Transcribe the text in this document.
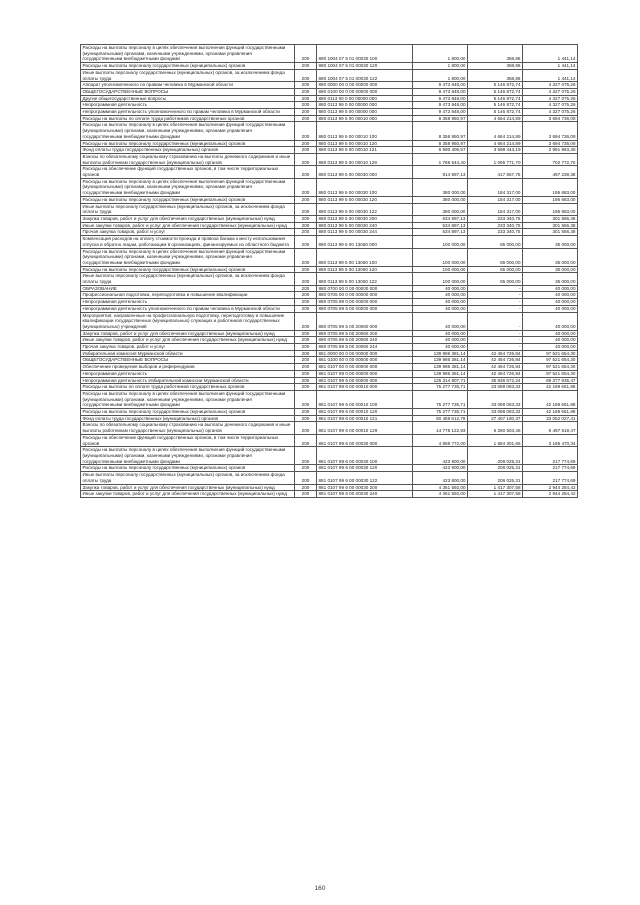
Расходы на выплаты персоналу в целях обеспечения выполнения функций государственными (муниципальными) органами, казенными учреждениями, органами управления государственными внебюджетными фондами	200	880 1004 07 5 01 00030 100	1 800,00	358,86	1 441,14
Расходы на выплаты персоналу государственных (муниципальных) органов	200	880 1004 07 5 01 00030 120	1 800,00	358,86	1 441,14
Иные выплаты персоналу государственных (муниципальных) органов, за исключением фонда оплаты труда	200	880 1004 07 5 01 00030 122	1 800,00	358,86	1 441,14
Аппарат уполномоченного по правам человека в Мурманской области	200	880 0000 00 0 00 00000 000	9 473 848,00	5 146 872,74	4 327 075,26
ОБЩЕГОСУДАРСТВЕННЫЕ ВОПРОСЫ	200	880 0100 00 0 00 00000 000	9 473 848,00	5 146 872,74	4 327 075,26
Другие общегосударственные вопросы	200	880 0113 00 0 00 00000 000	9 473 848,00	5 146 872,74	4 327 075,26
Непрограммная деятельность	200	880 0113 99 0 00 00000 000	9 473 848,00	5 146 872,74	4 327 075,26
Непрограммная деятельность уполномоченного по правам человека в Мурманской области	200	880 0113 99 5 00 00000 000	9 473 848,00	5 146 872,74	4 327 075,26
Расходы на выплаты по оплате труда работников государственных органов	200	880 0113 99 5 00 00010 000	8 358 950,97	4 664 214,89	3 694 736,08
Расходы на выплаты персоналу в целях обеспечения выполнения функций государственными (муниципальными) органами, казенными учреждениями, органами управления государственными внебюджетными фондами	200	880 0113 99 5 00 00010 100	8 358 950,97	4 664 214,89	3 694 736,08
Расходы на выплаты персоналу государственных (муниципальных) органов	200	880 0113 99 5 00 00010 120	8 358 950,97	4 664 214,89	3 694 736,08
Фонд оплаты труда государственных (муниципальных) органов	200	880 0113 99 5 00 00010 121	6 590 406,57	3 598 443,19	2 991 963,38
Взносы по обязательному социальному страхованию на выплаты денежного содержания и иные выплаты работникам государственных (муниципальных) органов	200	880 0113 99 5 00 00010 129	1 768 544,40	1 065 771,70	702 772,70
Расходы на обеспечение функций государственных органов, в том числе территориальных органов	200	880 0113 99 5 00 00030 000	914 897,13	417 657,75	497 239,38
Расходы на выплаты персоналу в целях обеспечения выполнения функций государственными (муниципальными) органами, казенными учреждениями, органами управления государственными внебюджетными фондами	200	880 0113 99 5 00 00030 100	380 000,00	184 317,00	195 683,00
Расходы на выплаты персоналу государственных (муниципальных) органов	200	880 0113 99 5 00 00030 120	380 000,00	184 317,00	195 683,00
Иные выплаты персоналу государственных (муниципальных) органов, за исключением фонда оплаты труда	200	880 0113 99 5 00 00030 122	380 000,00	184 317,00	195 683,00
Закупка товаров, работ и услуг для обеспечения государственных (муниципальных) нужд	200	880 0113 99 5 00 00030 200	534 897,13	233 340,75	301 556,38
Иные закупки товаров, работ и услуг для обеспечения государственных (муниципальных) нужд	200	880 0113 99 5 00 00030 240	534 897,13	233 340,75	301 556,38
Прочая закупка товаров, работ и услуг	200	880 0113 99 5 00 00030 244	534 897,13	233 340,75	301 556,38
Компенсация расходов на оплату стоимости проезда и провоза багажа к месту использования отпуска и обратно лицам, работающим в организациях, финансируемых из областного бюджета	200	880 0113 99 5 00 13060 000	100 000,00	65 000,00	35 000,00
Расходы на выплаты персоналу в целях обеспечения выполнения функций государственными (муниципальными) органами, казенными учреждениями, органами управления государственными внебюджетными фондами	200	880 0113 99 5 00 13060 100	100 000,00	65 000,00	35 000,00
Расходы на выплаты персоналу государственных (муниципальных) органов	200	880 0113 99 5 00 13060 120	100 000,00	65 000,00	35 000,00
Иные выплаты персоналу государственных (муниципальных) органов, за исключением фонда оплаты труда	200	880 0113 99 5 00 13060 122	100 000,00	65 000,00	35 000,00
ОБРАЗОВАНИЕ	200	880 0700 00 0 00 00000 000	40 000,00	-	40 000,00
Профессиональная подготовка, переподготовка и повышение квалификации	200	880 0705 00 0 00 00000 000	40 000,00	-	40 000,00
Непрограммная деятельность	200	880 0705 99 0 00 00000 000	40 000,00	-	40 000,00
Непрограммная деятельность уполномоченного по правам человека в Мурманской области	200	880 0705 99 5 00 00000 000	40 000,00	-	40 000,00
Мероприятия, направленные на профессиональную подготовку, переподготовку и повышение квалификации государственных (муниципальных) служащих и работников государственных (муниципальных) учреждений	200	880 0705 99 5 00 20060 000	40 000,00	-	40 000,00
Закупка товаров, работ и услуг для обеспечения государственных (муниципальных) нужд	200	880 0705 99 5 00 20060 200	40 000,00	-	40 000,00
Иные закупки товаров, работ и услуг для обеспечения государственных (муниципальных) нужд	200	880 0705 99 5 00 20060 240	40 000,00	-	40 000,00
Прочая закупка товаров, работ и услуг	200	880 0705 99 5 00 20060 244	40 000,00	-	40 000,00
Избирательная комиссия Мурманской области	200	881 0000 00 0 00 00000 000	139 986 381,14	42 464 726,84	97 521 654,30
ОБЩЕГОСУДАРСТВЕННЫЕ ВОПРОСЫ	200	881 0100 00 0 00 00000 000	139 986 381,14	42 464 726,84	97 521 654,30
Обеспечение проведения выборов и референдумов	200	881 0107 00 0 00 00000 000	139 986 381,14	42 464 726,84	97 521 654,30
Непрограммная деятельность	200	881 0107 99 0 00 00000 000	139 986 381,14	42 464 726,84	97 521 654,30
Непрограммная деятельность Избирательной комиссии Мурманской области	200	881 0107 99 6 00 00000 000	125 314 807,71	35 936 872,24	89 377 935,47
Расходы на выплаты по оплате труда работников государственных органов	200	881 0107 99 6 00 00010 000	75 277 735,71	33 088 083,33	42 189 651,88
Расходы на выплаты персоналу в целях обеспечения выполнения функций государственными (муниципальными) органами, казенными учреждениями, органами управления государственными внебюджетными фондами	200	881 0107 99 6 00 00010 100	75 277 735,71	33 088 083,33	42 189 651,88
Расходы на выплаты персоналу государственных (муниципальных) органов	200	881 0107 99 6 00 00010 120	75 277 735,71	33 088 083,33	42 189 651,88
Фонд оплаты труда государственных (муниципальных) органов	200	881 0107 99 6 00 00010 121	60 459 612,78	27 407 180,37	33 052 027,41
Взносы по обязательному социальному страхованию на выплаты денежного содержания и иные выплаты работникам государственных (муниципальных) органов	200	881 0107 99 6 00 00010 129	14 778 122,93	6 280 503,46	8 497 619,47
Расходы на обеспечение функций государственных органов, в том числе территориальных органов	200	881 0107 99 6 00 00030 000	4 869 772,00	1 684 301,66	3 185 470,34
Расходы на выплаты персоналу в целях обеспечения выполнения функций государственными (муниципальными) органами, казенными учреждениями, органами управления государственными внебюджетными фондами	200	881 0107 99 6 00 00030 100	423 800,00	206 025,31	217 774,69
Расходы на выплаты персоналу государственных (муниципальных) органов	200	881 0107 99 6 00 00030 120	423 800,00	206 025,31	217 774,69
Иные выплаты персоналу государственных (муниципальных) органов, за исключением фонда оплаты труда	200	881 0107 99 6 00 00030 122	423 800,00	206 025,31	217 774,69
Закупка товаров, работ и услуг для обеспечения государственных (муниципальных) нужд	200	881 0107 99 6 00 00030 200	4 361 592,00	1 417 307,58	2 944 284,42
Иные закупки товаров, работ и услуг для обеспечения государственных (муниципальных) нужд	200	881 0107 99 6 00 00030 240	4 361 592,00	1 417 307,58	2 944 284,42
160
